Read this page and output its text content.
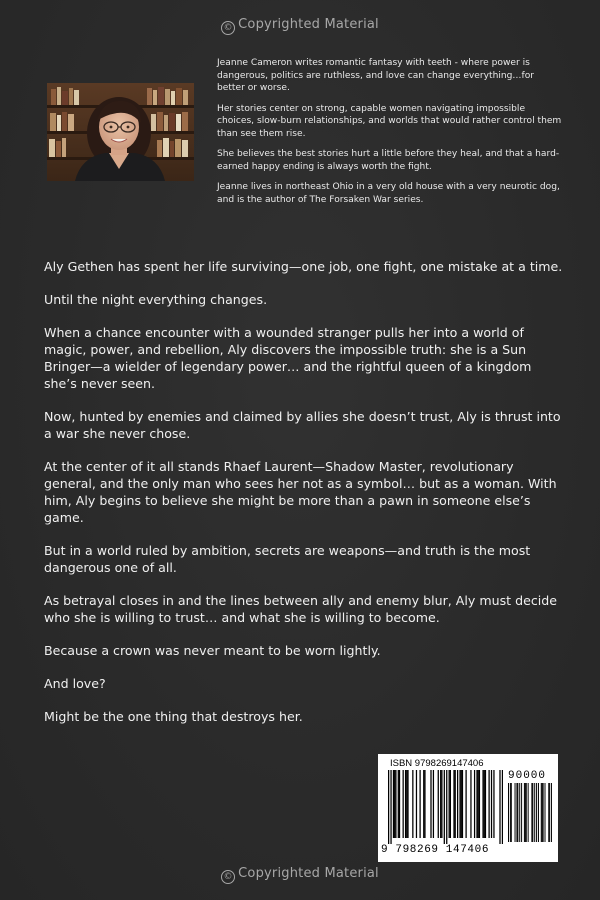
© Copyrighted Material

Jeanne Cameron writes romantic fantasy with teeth - where power is dangerous, politics are ruthless, and love can change everything…for better or worse.

Her stories center on strong, capable women navigating impossible choices, slow-burn relationships, and worlds that would rather control them than see them rise.

She believes the best stories hurt a little before they heal, and that a hard-earned happy ending is always worth the fight.

Jeanne lives in northeast Ohio in a very old house with a very neurotic dog, and is the author of The Forsaken War series.

Aly Gethen has spent her life surviving—one job, one fight, one mistake at a time.

Until the night everything changes.

When a chance encounter with a wounded stranger pulls her into a world of magic, power, and rebellion, Aly discovers the impossible truth: she is a Sun Bringer—a wielder of legendary power… and the rightful queen of a kingdom she’s never seen.

Now, hunted by enemies and claimed by allies she doesn’t trust, Aly is thrust into a war she never chose.

At the center of it all stands Rhaef Laurent—Shadow Master, revolutionary general, and the only man who sees her not as a symbol… but as a woman. With him, Aly begins to believe she might be more than a pawn in someone else’s game.

But in a world ruled by ambition, secrets are weapons—and truth is the most dangerous one of all.

As betrayal closes in and the lines between ally and enemy blur, Aly must decide who she is willing to trust… and what she is willing to become.

Because a crown was never meant to be worn lightly.

And love?

Might be the one thing that destroys her.

ISBN 9798269147406
90000
9 798269 147406
© Copyrighted Material
